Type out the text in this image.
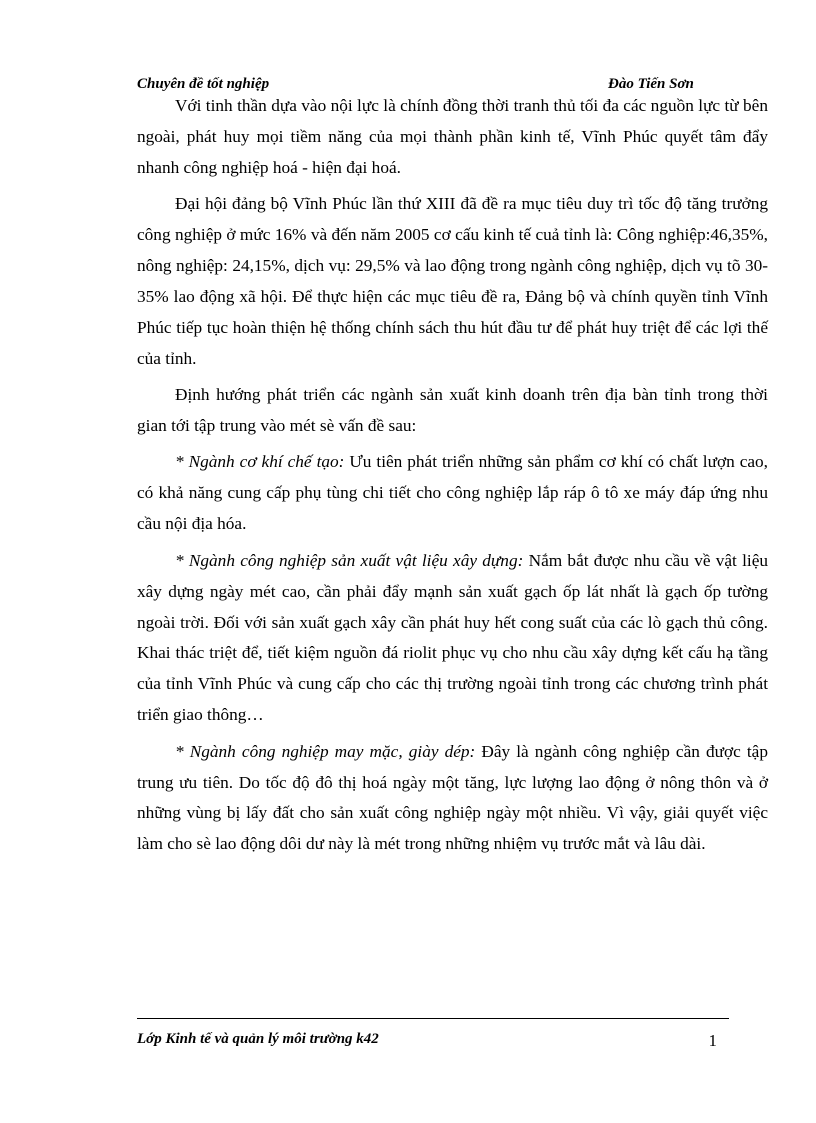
Chuyên đề tốt nghiệp	Đào Tiến Sơn

Với tinh thần dựa vào nội lực là chính đồng thời tranh thủ tối đa các nguồn lực từ bên ngoài, phát huy mọi tiềm năng của mọi thành phần kinh tế, Vĩnh Phúc quyết tâm đẩy nhanh công nghiệp hoá - hiện đại hoá.

Đại hội đảng bộ Vĩnh Phúc lần thứ XIII đã đề ra mục tiêu duy trì tốc độ tăng trưởng công nghiệp ở mức 16% và đến năm 2005 cơ cấu kinh tế cuả tỉnh là: Công nghiệp:46,35%, nông nghiệp: 24,15%, dịch vụ: 29,5% và lao động trong ngành công nghiệp, dịch vụ tõ 30- 35% lao động xã hội. Để thực hiện các mục tiêu đề ra, Đảng bộ và chính quyền tỉnh Vĩnh Phúc tiếp tục hoàn thiện hệ thống chính sách thu hút đầu tư để phát huy triệt để các lợi thế của tỉnh.

Định hướng phát triển các ngành sản xuất kinh doanh trên địa bàn tỉnh trong thời gian tới tập trung vào mét sè vấn đề sau:

* Ngành cơ khí chế tạo: Ưu tiên phát triển những sản phẩm cơ khí có chất lượn cao, có khả năng cung cấp phụ tùng chi tiết cho công nghiệp lắp ráp ô tô xe máy đáp ứng nhu cầu nội địa hóa.

* Ngành công nghiệp sản xuất vật liệu xây dựng: Nắm bắt được nhu cầu về vật liệu xây dựng ngày mét cao, cần phải đẩy mạnh sản xuất gạch ốp lát nhất là gạch ốp tường ngoài trời. Đối với sản xuất gạch xây cần phát huy hết cong suất của các lò gạch thủ công. Khai thác triệt để, tiết kiệm nguồn đá riolit phục vụ cho nhu cầu xây dựng kết cấu hạ tầng của tỉnh Vĩnh Phúc và cung cấp cho các thị trường ngoài tỉnh trong các chương trình phát triển giao thông…

* Ngành công nghiệp may mặc, giày dép: Đây là ngành công nghiệp cần được tập trung ưu tiên. Do tốc độ đô thị hoá ngày một tăng, lực lượng lao động ở nông thôn và ở những vùng bị lấy đất cho sản xuất công nghiệp ngày một nhiều. Vì vậy, giải quyết việc làm cho sè lao động dôi dư này là mét trong những nhiệm vụ trước mắt và lâu dài.

Lớp Kinh tế và quản lý môi trường k42	1
